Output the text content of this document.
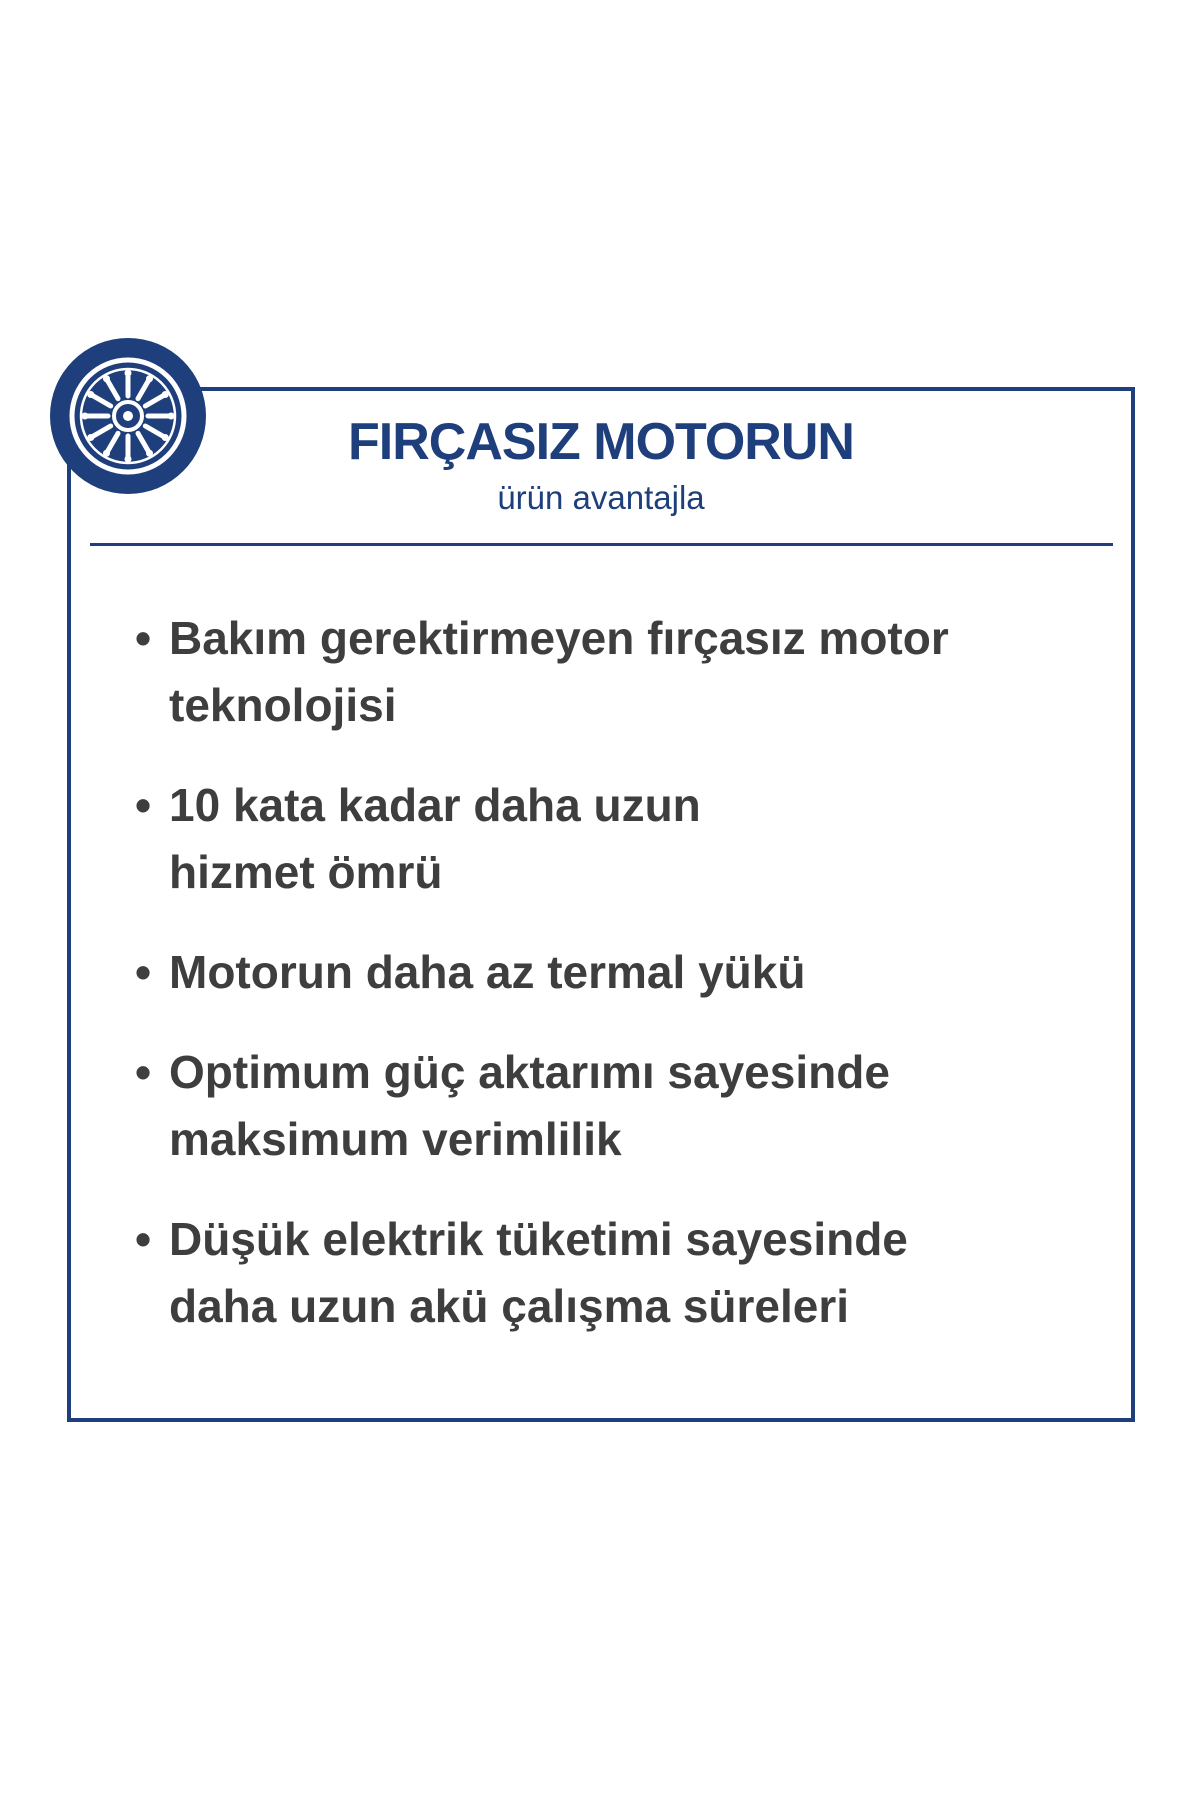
FIRÇASIZ MOTORUN

ürün avantajla

• Bakım gerektirmeyen fırçasız motor
teknolojisi
• 10 kata kadar daha uzun
hizmet ömrü
• Motorun daha az termal yükü
• Optimum güç aktarımı sayesinde
maksimum verimlilik
• Düşük elektrik tüketimi sayesinde
daha uzun akü çalışma süreleri
